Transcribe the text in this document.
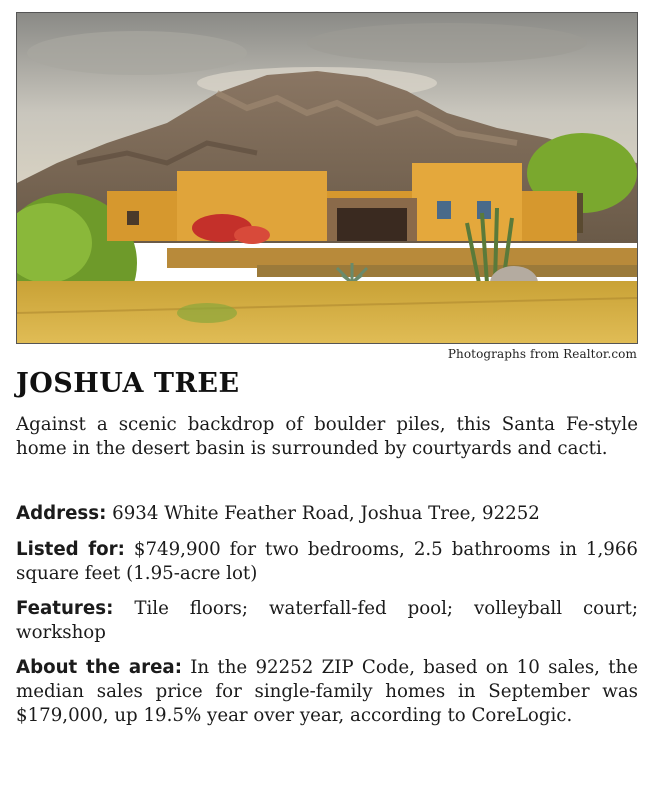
Photographs from Realtor.com
JOSHUA TREE

Against a scenic backdrop of boulder piles, this Santa Fe-style home in the desert basin is surrounded by courtyards and cacti.

Address: 6934 White Feather Road, Joshua Tree, 92252

Listed for: $749,900 for two bedrooms, 2.5 bathrooms in 1,966 square feet (1.95-acre lot)

Features: Tile floors; waterfall-fed pool; volleyball court; workshop

About the area: In the 92252 ZIP Code, based on 10 sales, the median sales price for single-family homes in September was $179,000, up 19.5% year over year, according to CoreLogic.
